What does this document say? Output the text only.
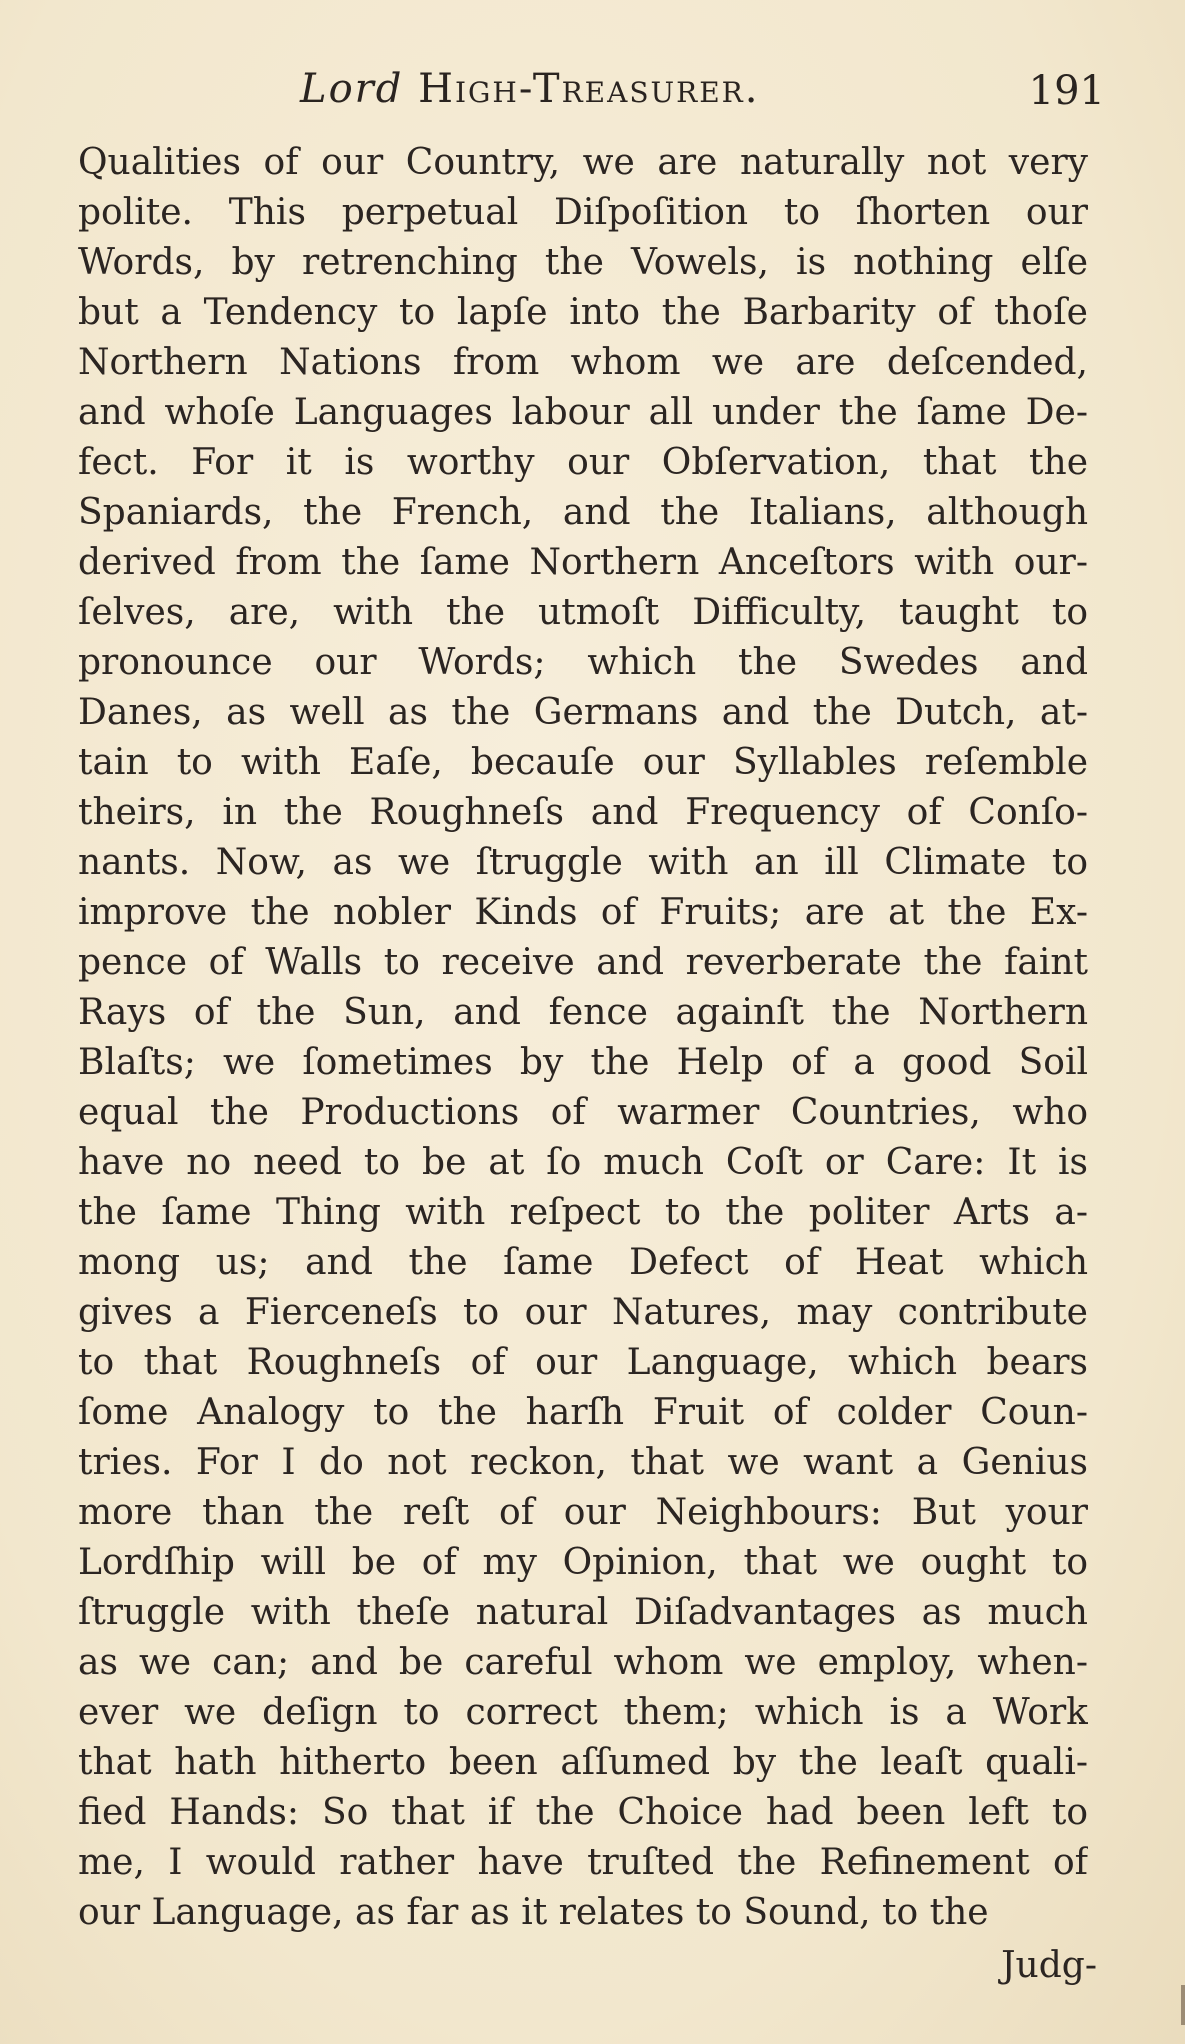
Lord High-Treasurer.	191
Qualities of our Country, we are naturally not very
polite. This perpetual Diſpoſition to ſhorten our
Words, by retrenching the Vowels, is nothing elſe
but a Tendency to lapſe into the Barbarity of thoſe
Northern Nations from whom we are deſcended,
and whoſe Languages labour all under the ſame De-
fect. For it is worthy our Obſervation, that the
Spaniards, the French, and the Italians, although
derived from the ſame Northern Anceſtors with our-
ſelves, are, with the utmoſt Difficulty, taught to
pronounce our Words; which the Swedes and
Danes, as well as the Germans and the Dutch, at-
tain to with Eaſe, becauſe our Syllables reſemble
theirs, in the Roughneſs and Frequency of Conſo-
nants. Now, as we ſtruggle with an ill Climate to
improve the nobler Kinds of Fruits; are at the Ex-
pence of Walls to receive and reverberate the faint
Rays of the Sun, and fence againſt the Northern
Blaſts; we ſometimes by the Help of a good Soil
equal the Productions of warmer Countries, who
have no need to be at ſo much Coſt or Care: It is
the ſame Thing with reſpect to the politer Arts a-
mong us; and the ſame Defect of Heat which
gives a Fierceneſs to our Natures, may contribute
to that Roughneſs of our Language, which bears
ſome Analogy to the harſh Fruit of colder Coun-
tries. For I do not reckon, that we want a Genius
more than the reſt of our Neighbours: But your
Lordſhip will be of my Opinion, that we ought to
ſtruggle with theſe natural Diſadvantages as much
as we can; and be careful whom we employ, when-
ever we deſign to correct them; which is a Work
that hath hitherto been aſſumed by the leaſt quali-
fied Hands: So that if the Choice had been left to
me, I would rather have truſted the Refinement of
our Language, as far as it relates to Sound, to the
Judg-
